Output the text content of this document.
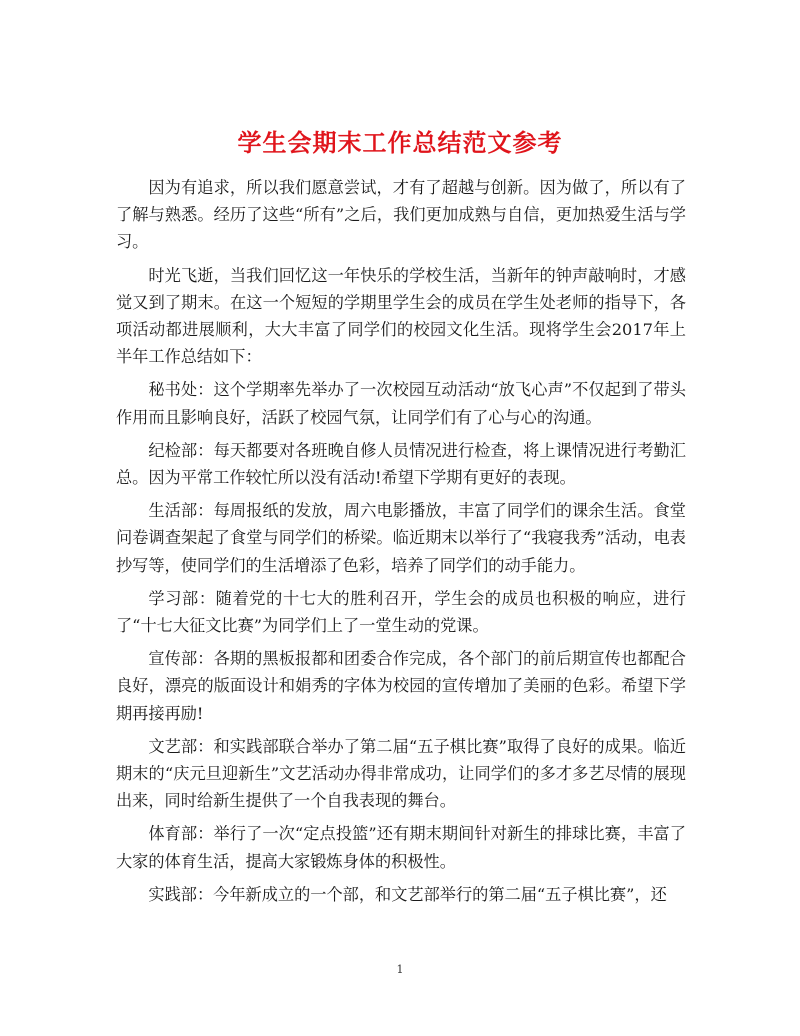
学生会期末工作总结范文参考

因为有追求，所以我们愿意尝试，才有了超越与创新。因为做了，所以有了了解与熟悉。经历了这些“所有”之后，我们更加成熟与自信，更加热爱生活与学习。

时光飞逝，当我们回忆这一年快乐的学校生活，当新年的钟声敲响时，才感觉又到了期末。在这一个短短的学期里学生会的成员在学生处老师的指导下，各项活动都进展顺利，大大丰富了同学们的校园文化生活。现将学生会2017年上半年工作总结如下：

秘书处：这个学期率先举办了一次校园互动活动“放飞心声”不仅起到了带头作用而且影响良好，活跃了校园气氛，让同学们有了心与心的沟通。

纪检部：每天都要对各班晚自修人员情况进行检查，将上课情况进行考勤汇总。因为平常工作较忙所以没有活动!希望下学期有更好的表现。

生活部：每周报纸的发放，周六电影播放，丰富了同学们的课余生活。食堂问卷调查架起了食堂与同学们的桥梁。临近期末以举行了“我寝我秀”活动，电表抄写等，使同学们的生活增添了色彩，培养了同学们的动手能力。

学习部：随着党的十七大的胜利召开，学生会的成员也积极的响应，进行了“十七大征文比赛”为同学们上了一堂生动的党课。

宣传部：各期的黑板报都和团委合作完成，各个部门的前后期宣传也都配合良好，漂亮的版面设计和娟秀的字体为校园的宣传增加了美丽的色彩。希望下学期再接再励!

文艺部：和实践部联合举办了第二届“五子棋比赛”取得了良好的成果。临近期末的“庆元旦迎新生”文艺活动办得非常成功，让同学们的多才多艺尽情的展现出来，同时给新生提供了一个自我表现的舞台。

体育部：举行了一次“定点投篮”还有期末期间针对新生的排球比赛，丰富了大家的体育生活，提高大家锻炼身体的积极性。

实践部：今年新成立的一个部，和文艺部举行的第二届“五子棋比赛”，还

1
